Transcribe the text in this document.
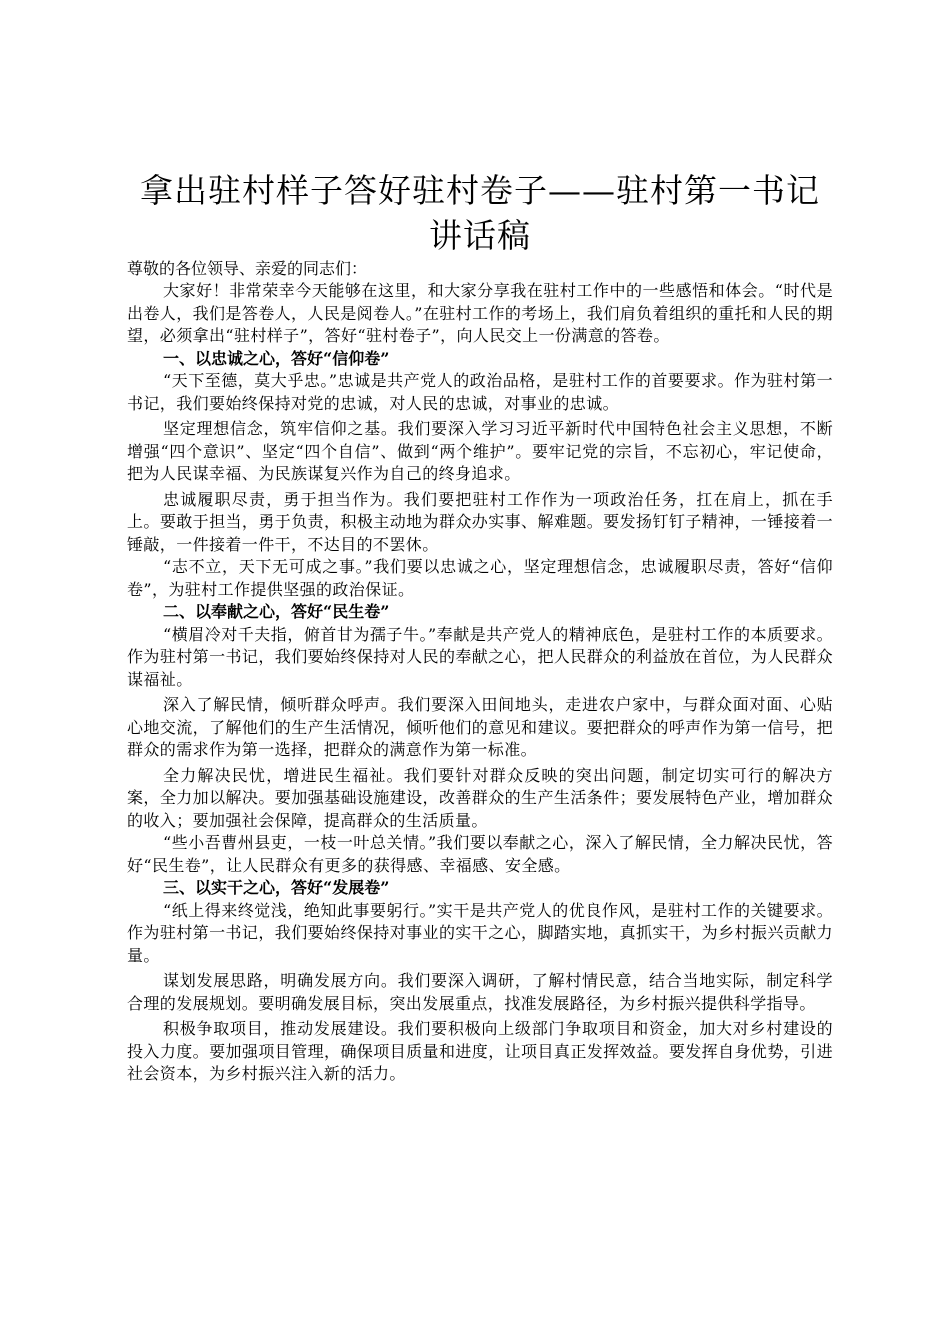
拿出驻村样子答好驻村卷子——驻村第一书记讲话稿

尊敬的各位领导、亲爱的同志们：

大家好！非常荣幸今天能够在这里，和大家分享我在驻村工作中的一些感悟和体会。“时代是出卷人，我们是答卷人，人民是阅卷人。”在驻村工作的考场上，我们肩负着组织的重托和人民的期望，必须拿出“驻村样子”，答好“驻村卷子”，向人民交上一份满意的答卷。

一、以忠诚之心，答好“信仰卷”

“天下至德，莫大乎忠。”忠诚是共产党人的政治品格，是驻村工作的首要要求。作为驻村第一书记，我们要始终保持对党的忠诚，对人民的忠诚，对事业的忠诚。

坚定理想信念，筑牢信仰之基。我们要深入学习习近平新时代中国特色社会主义思想，不断增强“四个意识”、坚定“四个自信”、做到“两个维护”。要牢记党的宗旨，不忘初心，牢记使命，把为人民谋幸福、为民族谋复兴作为自己的终身追求。

忠诚履职尽责，勇于担当作为。我们要把驻村工作作为一项政治任务，扛在肩上，抓在手上。要敢于担当，勇于负责，积极主动地为群众办实事、解难题。要发扬钉钉子精神，一锤接着一锤敲，一件接着一件干，不达目的不罢休。

“志不立，天下无可成之事。”我们要以忠诚之心，坚定理想信念，忠诚履职尽责，答好“信仰卷”，为驻村工作提供坚强的政治保证。

二、以奉献之心，答好“民生卷”

“横眉冷对千夫指，俯首甘为孺子牛。”奉献是共产党人的精神底色，是驻村工作的本质要求。作为驻村第一书记，我们要始终保持对人民的奉献之心，把人民群众的利益放在首位，为人民群众谋福祉。

深入了解民情，倾听群众呼声。我们要深入田间地头，走进农户家中，与群众面对面、心贴心地交流，了解他们的生产生活情况，倾听他们的意见和建议。要把群众的呼声作为第一信号，把群众的需求作为第一选择，把群众的满意作为第一标准。

全力解决民忧，增进民生福祉。我们要针对群众反映的突出问题，制定切实可行的解决方案，全力加以解决。要加强基础设施建设，改善群众的生产生活条件；要发展特色产业，增加群众的收入；要加强社会保障，提高群众的生活质量。

“些小吾曹州县吏，一枝一叶总关情。”我们要以奉献之心，深入了解民情，全力解决民忧，答好“民生卷”，让人民群众有更多的获得感、幸福感、安全感。

三、以实干之心，答好“发展卷”

“纸上得来终觉浅，绝知此事要躬行。”实干是共产党人的优良作风，是驻村工作的关键要求。作为驻村第一书记，我们要始终保持对事业的实干之心，脚踏实地，真抓实干，为乡村振兴贡献力量。

谋划发展思路，明确发展方向。我们要深入调研，了解村情民意，结合当地实际，制定科学合理的发展规划。要明确发展目标，突出发展重点，找准发展路径，为乡村振兴提供科学指导。

积极争取项目，推动发展建设。我们要积极向上级部门争取项目和资金，加大对乡村建设的投入力度。要加强项目管理，确保项目质量和进度，让项目真正发挥效益。要发挥自身优势，引进社会资本，为乡村振兴注入新的活力。
